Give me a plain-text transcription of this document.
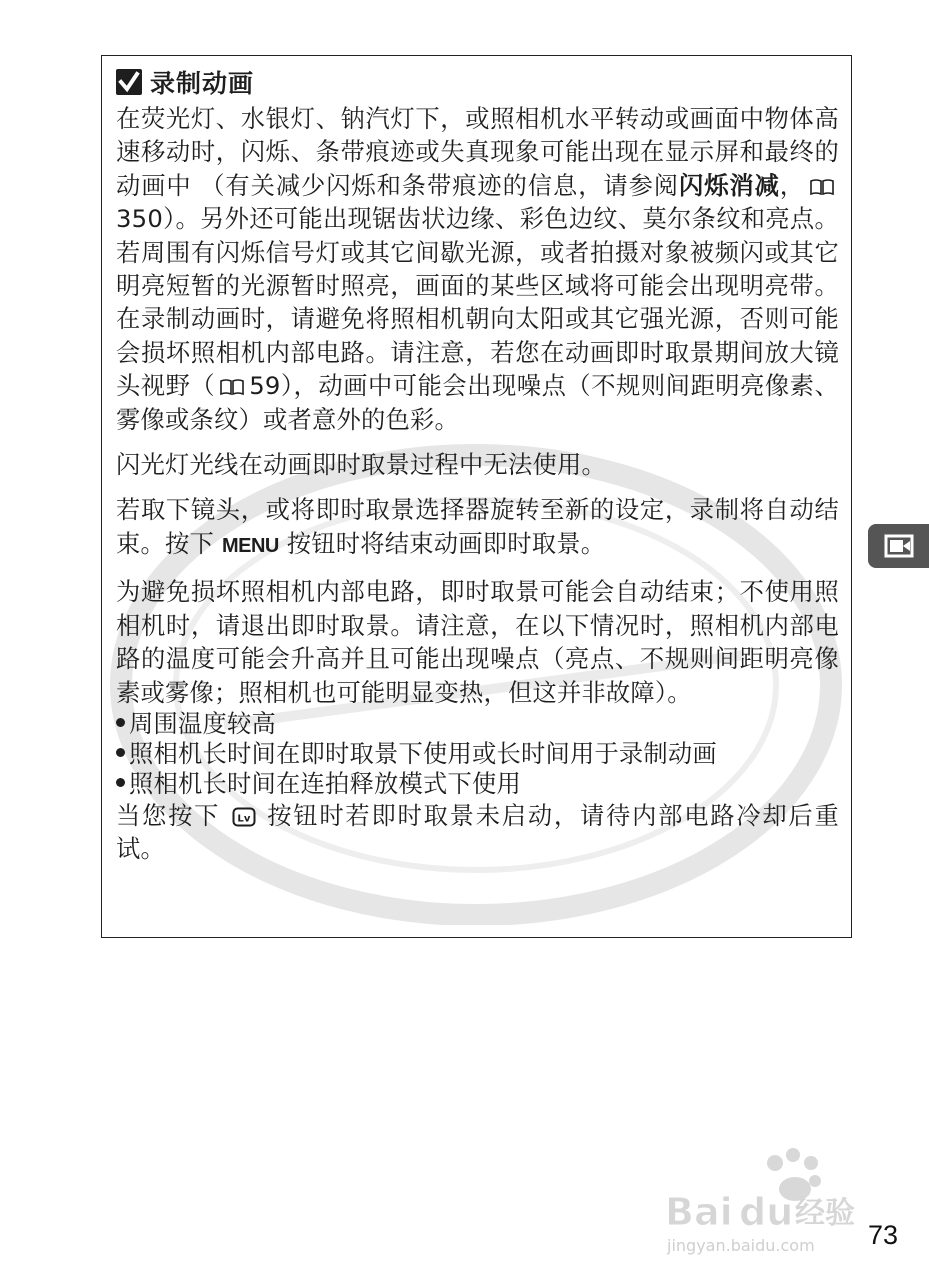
录制动画

在荧光灯、水银灯、钠汽灯下，或照相机水平转动或画面中物体高速移动时，闪烁、条带痕迹或失真现象可能出现在显示屏和最终的动画中 （有关减少闪烁和条带痕迹的信息，请参阅闪烁消减，350）。另外还可能出现锯齿状边缘、彩色边纹、莫尔条纹和亮点。若周围有闪烁信号灯或其它间歇光源，或者拍摄对象被频闪或其它明亮短暂的光源暂时照亮，画面的某些区域将可能会出现明亮带。在录制动画时，请避免将照相机朝向太阳或其它强光源，否则可能会损坏照相机内部电路。请注意，若您在动画即时取景期间放大镜头视野（ 59），动画中可能会出现噪点（不规则间距明亮像素、雾像或条纹）或者意外的色彩。

闪光灯光线在动画即时取景过程中无法使用。

若取下镜头，或将即时取景选择器旋转至新的设定，录制将自动结束。按下 MENU 按钮时将结束动画即时取景。

为避免损坏照相机内部电路，即时取景可能会自动结束；不使用照相机时，请退出即时取景。请注意，在以下情况时，照相机内部电路的温度可能会升高并且可能出现噪点（亮点、不规则间距明亮像素或雾像；照相机也可能明显变热，但这并非故障）。

周围温度较高
照相机长时间在即时取景下使用或长时间用于录制动画
照相机长时间在连拍释放模式下使用

当您按下 Lv 按钮时若即时取景未启动，请待内部电路冷却后重试。

Bai du 经验
jingyan.baidu.com 73
